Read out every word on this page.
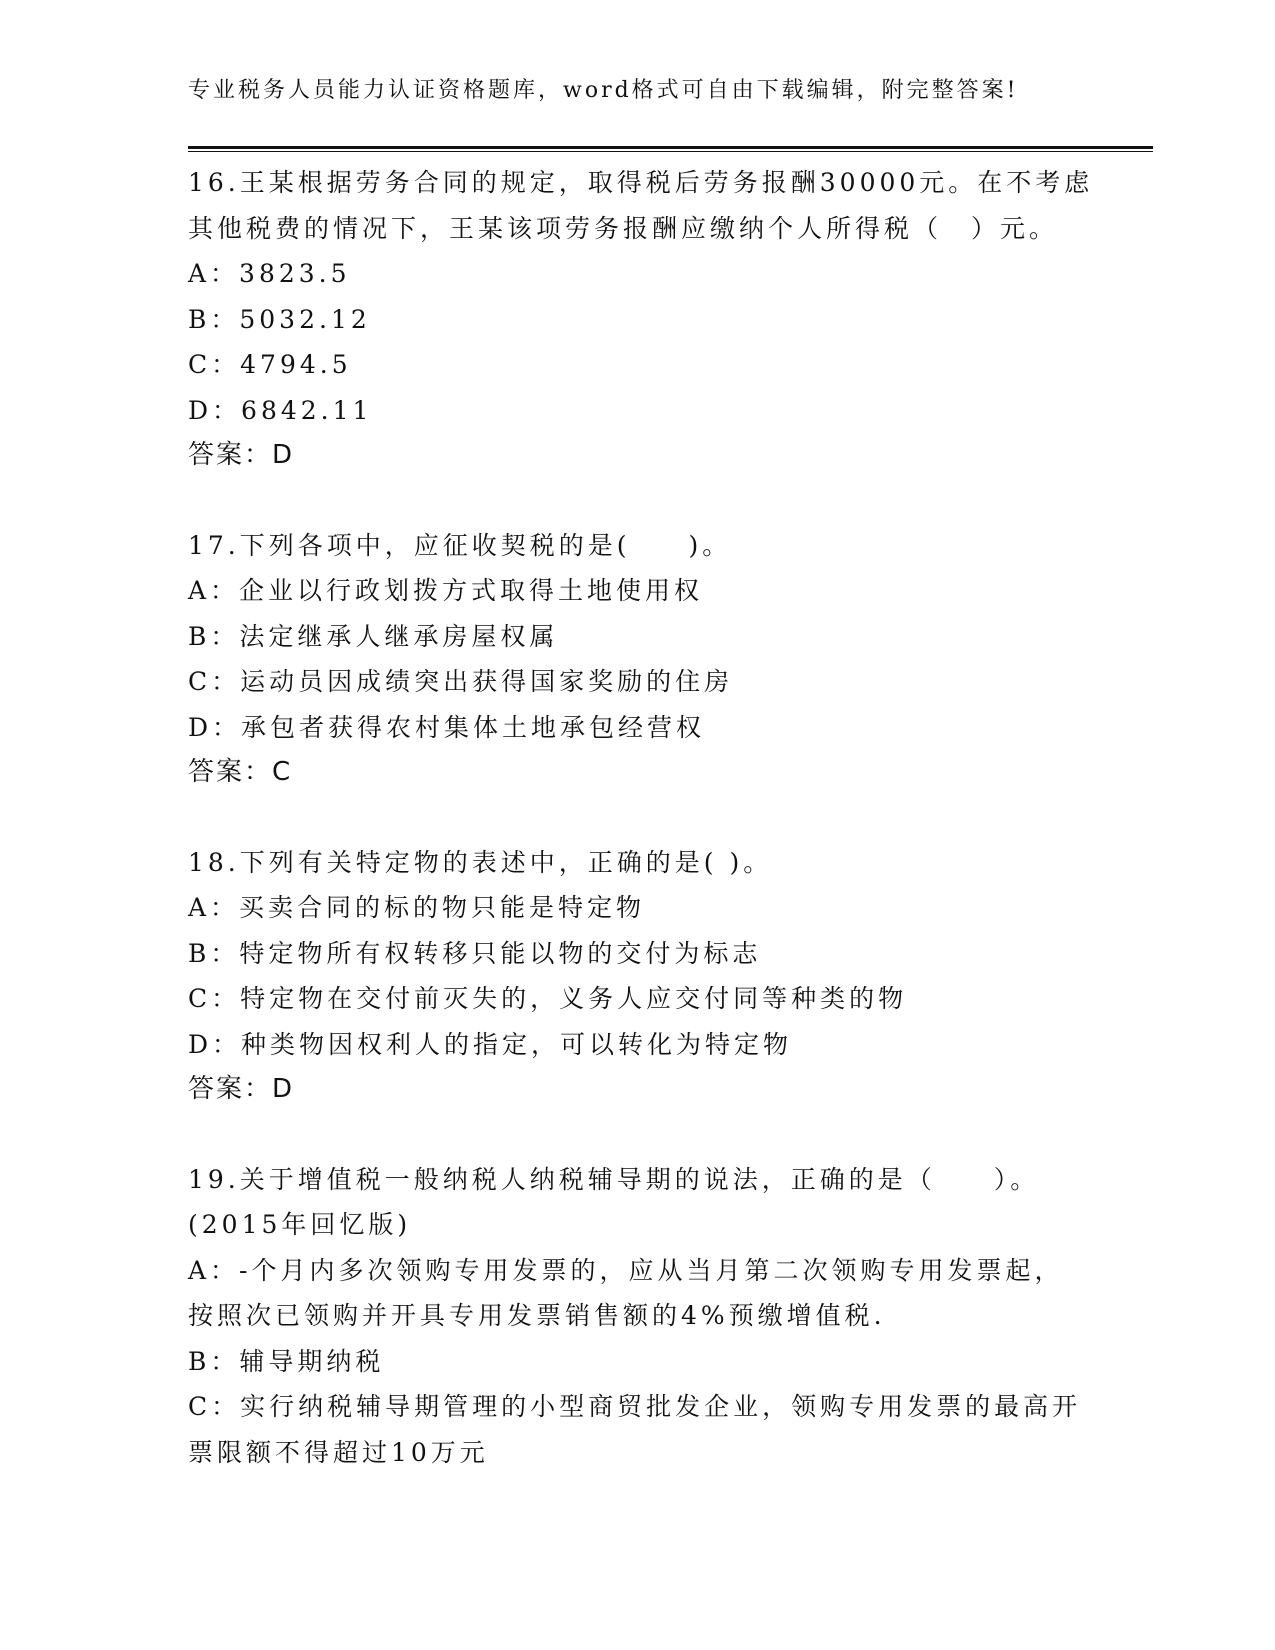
专业税务人员能力认证资格题库，word格式可自由下载编辑，附完整答案!
16.王某根据劳务合同的规定，取得税后劳务报酬30000元。在不考虑
其他税费的情况下，王某该项劳务报酬应缴纳个人所得税（　）元。
A：3823.5
B：5032.12
C：4794.5
D：6842.11
答案：D
17.下列各项中，应征收契税的是(　　)。
A：企业以行政划拨方式取得土地使用权
B：法定继承人继承房屋权属
C：运动员因成绩突出获得国家奖励的住房
D：承包者获得农村集体土地承包经营权
答案：C
18.下列有关特定物的表述中，正确的是( )。
A：买卖合同的标的物只能是特定物
B：特定物所有权转移只能以物的交付为标志
C：特定物在交付前灭失的，义务人应交付同等种类的物
D：种类物因权利人的指定，可以转化为特定物
答案：D
19.关于增值税一般纳税人纳税辅导期的说法，正确的是（　　）。
(2015年回忆版)
A：-个月内多次领购专用发票的，应从当月第二次领购专用发票起，
按照次已领购并开具专用发票销售额的4%预缴增值税.
B：辅导期纳税
C：实行纳税辅导期管理的小型商贸批发企业，领购专用发票的最高开
票限额不得超过10万元
